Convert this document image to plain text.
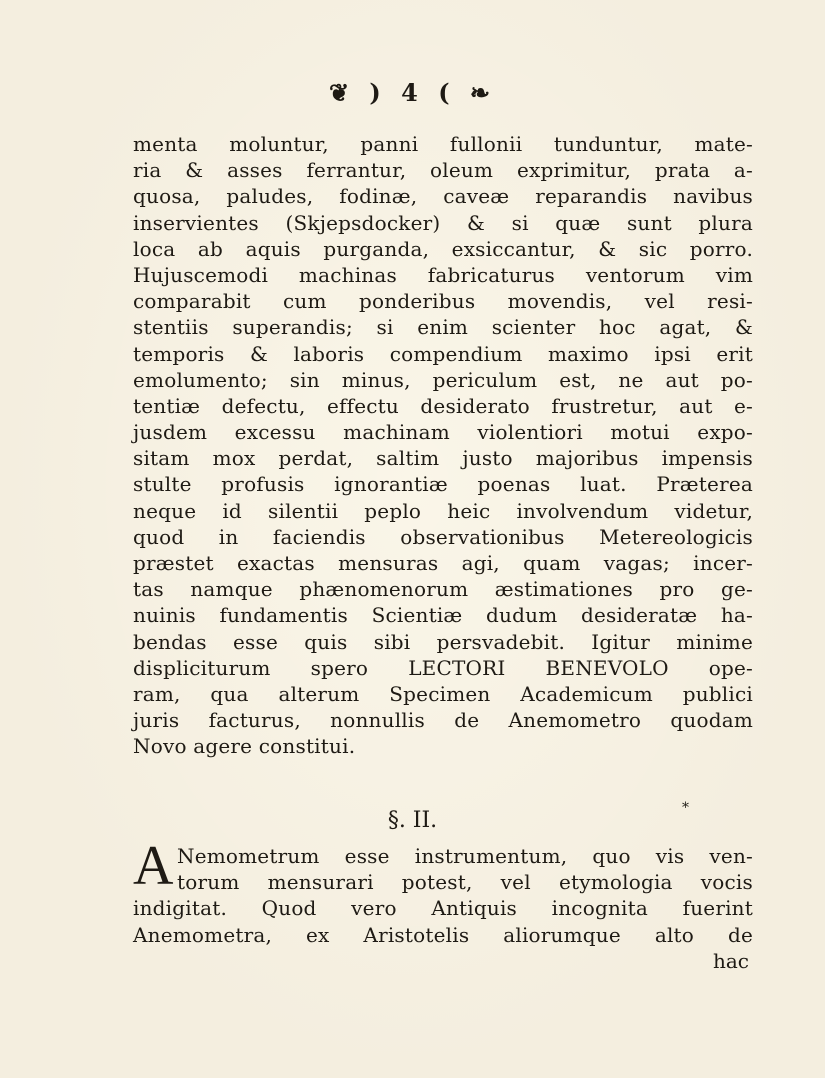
❦ ) 4 ( ❧
menta moluntur, panni fullonii tunduntur, mate-
ria & asses ferrantur, oleum exprimitur, prata a-
quosa, paludes, fodinæ, caveæ reparandis navibus
inservientes (Skjepsdocker) & si quæ sunt plura
loca ab aquis purganda, exsiccantur, & sic porro.
Hujuscemodi machinas fabricaturus ventorum vim
comparabit cum ponderibus movendis, vel resi-
stentiis superandis; si enim scienter hoc agat, &
temporis & laboris compendium maximo ipsi erit
emolumento; sin minus, periculum est, ne aut po-
tentiæ defectu, effectu desiderato frustretur, aut e-
jusdem excessu machinam violentiori motui expo-
sitam mox perdat, saltim justo majoribus impensis
stulte profusis ignorantiæ poenas luat. Præterea
neque id silentii peplo heic involvendum videtur,
quod in faciendis observationibus Metereologicis
præstet exactas mensuras agi, quam vagas; incer-
tas namque phænomenorum æstimationes pro ge-
nuinis fundamentis Scientiæ dudum desideratæ ha-
bendas esse quis sibi persvadebit. Igitur minime
displiciturum spero LECTORI BENEVOLO ope-
ram, qua alterum Specimen Academicum publici
juris facturus, nonnullis de Anemometro quodam
Novo agere constitui.
§. II.	*
A Nemometrum esse instrumentum, quo vis ven-
torum mensurari potest, vel etymologia vocis
indigitat. Quod vero Antiquis incognita fuerint
Anemometra, ex Aristotelis aliorumque alto de
hac
